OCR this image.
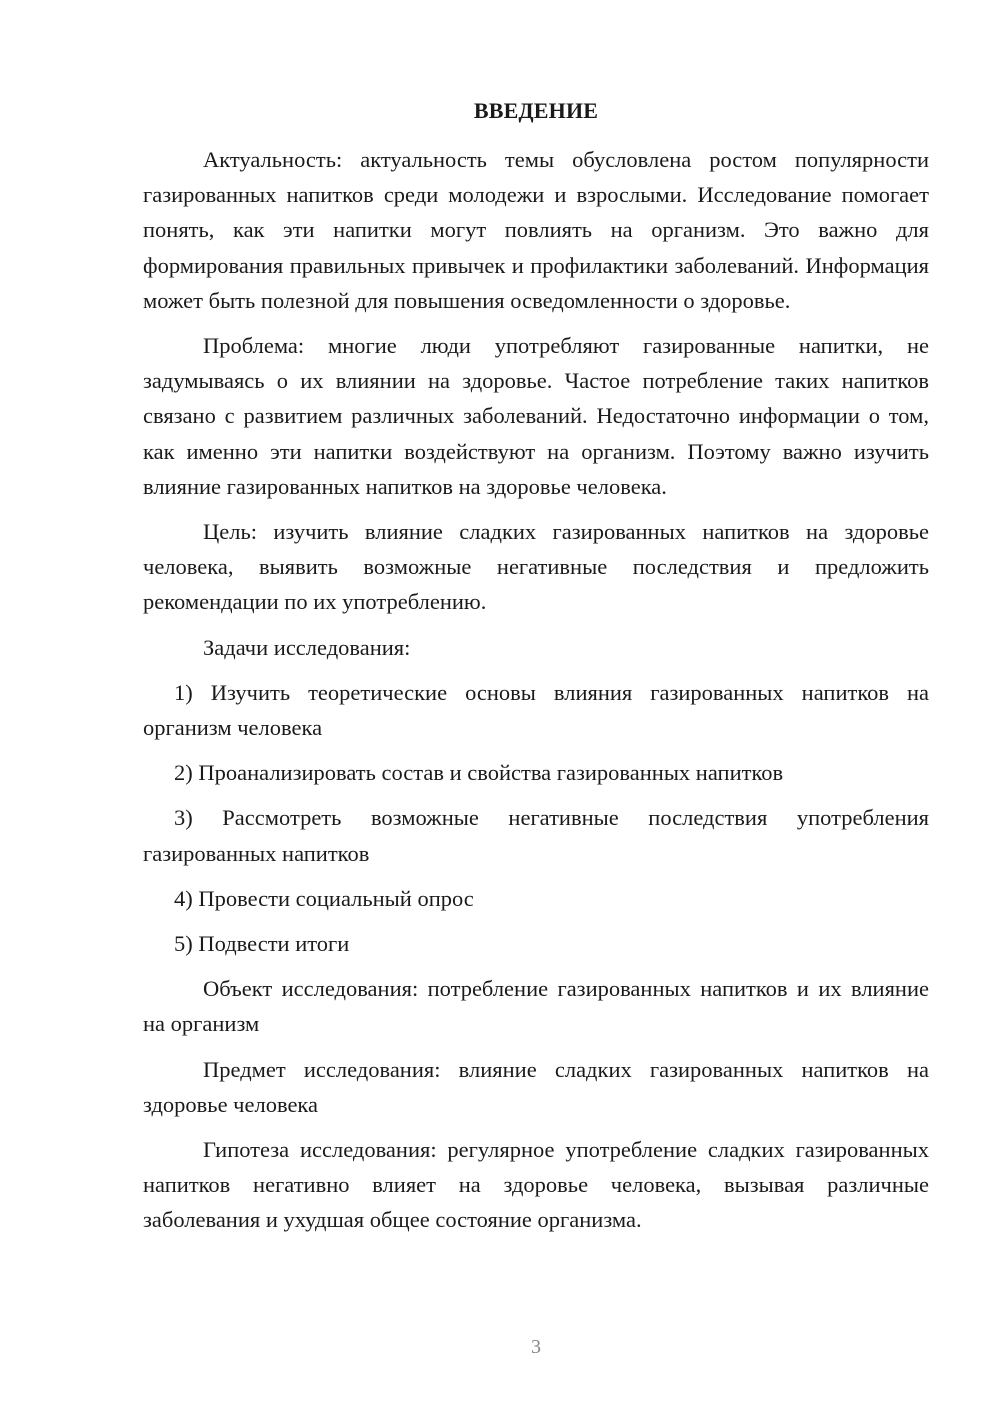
ВВЕДЕНИЕ

Актуальность: актуальность темы обусловлена ростом популярности газированных напитков среди молодежи и взрослыми. Исследование помогает понять, как эти напитки могут повлиять на организм. Это важно для формирования правильных привычек и профилактики заболеваний. Информация может быть полезной для повышения осведомленности о здоровье.

Проблема: многие люди употребляют газированные напитки, не задумываясь о их влиянии на здоровье. Частое потребление таких напитков связано с развитием различных заболеваний. Недостаточно информации о том, как именно эти напитки воздействуют на организм. Поэтому важно изучить влияние газированных напитков на здоровье человека.

Цель: изучить влияние сладких газированных напитков на здоровье человека, выявить возможные негативные последствия и предложить рекомендации по их употреблению.

Задачи исследования:

1) Изучить теоретические основы влияния газированных напитков на организм человека

2) Проанализировать состав и свойства газированных напитков

3) Рассмотреть возможные негативные последствия употребления газированных напитков

4) Провести социальный опрос

5) Подвести итоги

Объект исследования: потребление газированных напитков и их влияние на организм

Предмет исследования: влияние сладких газированных напитков на здоровье человека

Гипотеза исследования: регулярное употребление сладких газированных напитков негативно влияет на здоровье человека, вызывая различные заболевания и ухудшая общее состояние организма.

3
